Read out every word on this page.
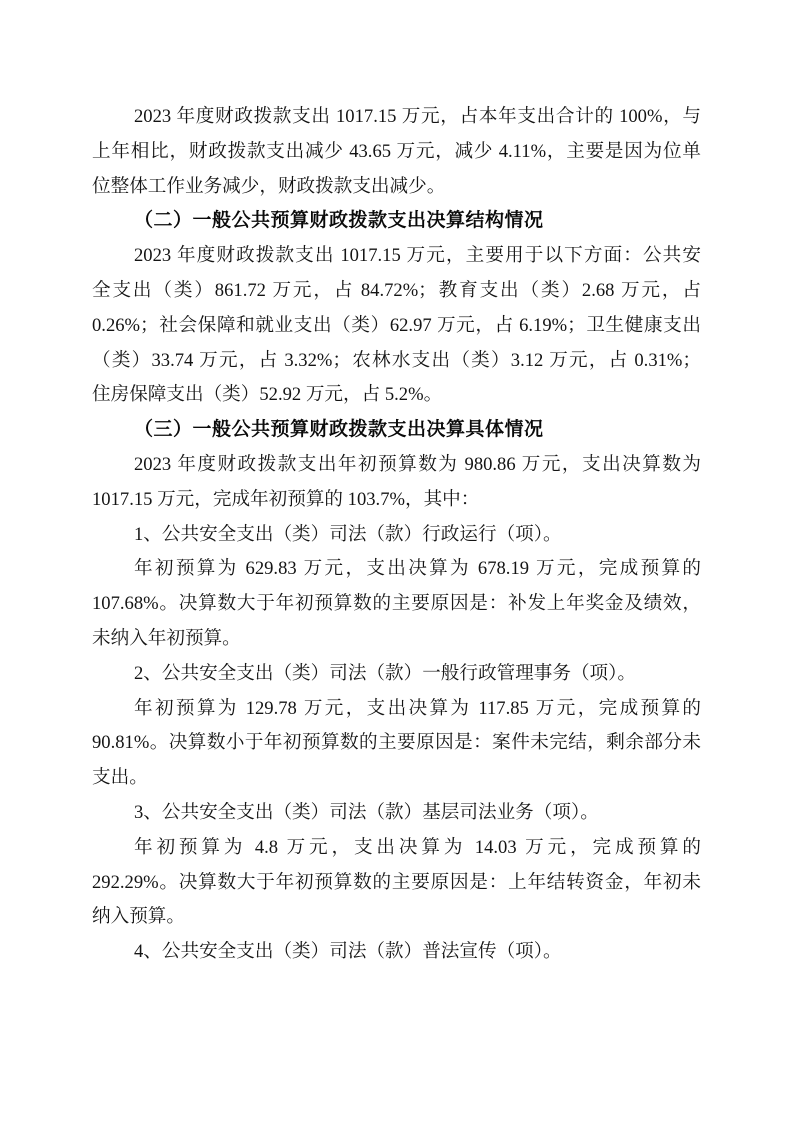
2023 年度财政拨款支出 1017.15 万元，占本年支出合计的 100%，与
上年相比，财政拨款支出减少 43.65 万元，减少 4.11%，主要是因为位单
位整体工作业务减少，财政拨款支出减少。
（二）一般公共预算财政拨款支出决算结构情况
2023 年度财政拨款支出 1017.15 万元，主要用于以下方面：公共安
全支出（类）861.72 万元，占 84.72%；教育支出（类）2.68 万元，占
0.26%；社会保障和就业支出（类）62.97 万元，占 6.19%；卫生健康支出
（类）33.74 万元，占 3.32%；农林水支出（类）3.12 万元，占 0.31%；
住房保障支出（类）52.92 万元，占 5.2%。
（三）一般公共预算财政拨款支出决算具体情况
2023 年度财政拨款支出年初预算数为 980.86 万元，支出决算数为
1017.15 万元，完成年初预算的 103.7%，其中：
1、公共安全支出（类）司法（款）行政运行（项）。
年初预算为 629.83 万元，支出决算为 678.19 万元，完成预算的
107.68%。决算数大于年初预算数的主要原因是：补发上年奖金及绩效，
未纳入年初预算。
2、公共安全支出（类）司法（款）一般行政管理事务（项）。
年初预算为 129.78 万元，支出决算为 117.85 万元，完成预算的
90.81%。决算数小于年初预算数的主要原因是：案件未完结，剩余部分未
支出。
3、公共安全支出（类）司法（款）基层司法业务（项）。
年初预算为 4.8 万元，支出决算为 14.03 万元，完成预算的
292.29%。决算数大于年初预算数的主要原因是：上年结转资金，年初未
纳入预算。
4、公共安全支出（类）司法（款）普法宣传（项）。
